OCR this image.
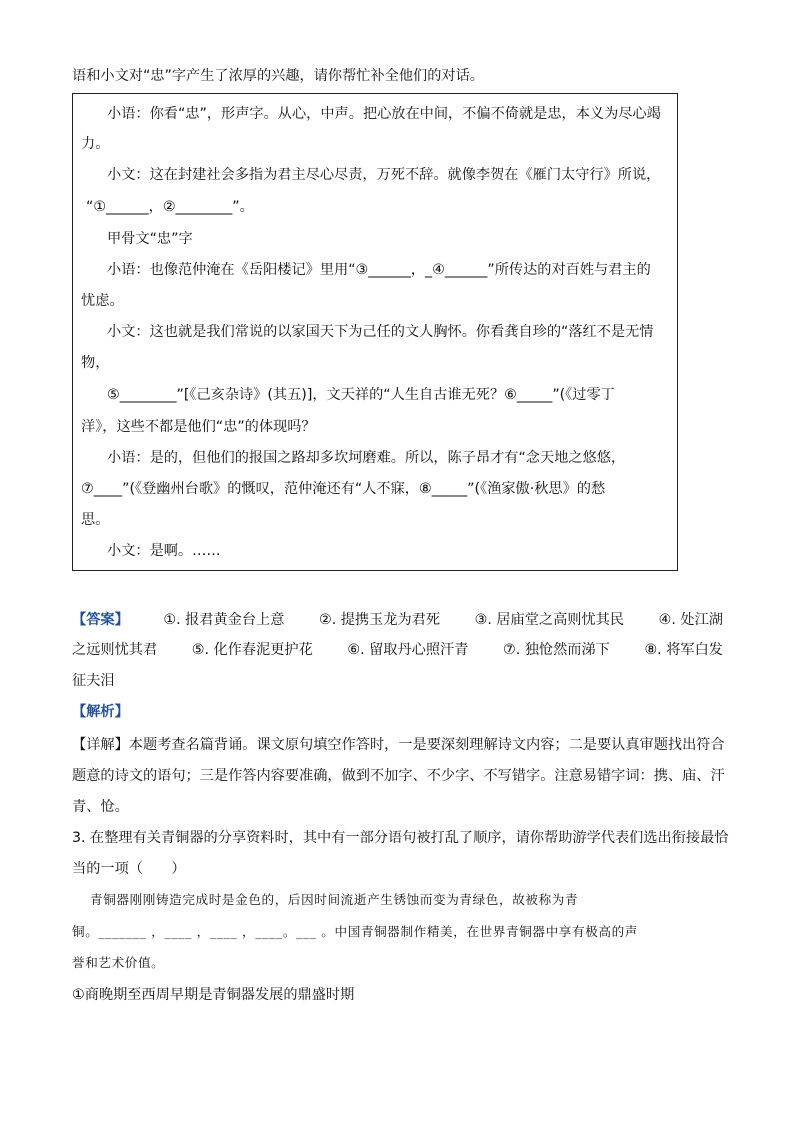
语和小文对“忠”字产生了浓厚的兴趣，请你帮忙补全他们的对话。
小语：你看“忠”，形声字。从心，中声。把心放在中间，不偏不倚就是忠，本义为尽心竭
力。
小文：这在封建社会多指为君主尽心尽责，万死不辞。就像李贺在《雁门太守行》所说，
“①______，②________”。
甲骨文“忠”字
小语：也像范仲淹在《岳阳楼记》里用“③______，_④______”所传达的对百姓与君主的
忧虑。
小文：这也就是我们常说的以家国天下为己任的文人胸怀。你看龚自珍的“落红不是无情
物，
⑤________”[《己亥杂诗》(其五)]，文天祥的“人生自古谁无死？⑥_____”(《过零丁
洋》，这些不都是他们“忠”的体现吗？
小语：是的，但他们的报国之路却多坎坷磨难。所以，陈子昂才有“念天地之悠悠，
⑦____”(《登幽州台歌》的慨叹，范仲淹还有“人不寐，⑧_____”(《渔家傲·秋思》的愁
思。
小文：是啊。……
【答案】 ①. 报君黄金台上意 ②. 提携玉龙为君死 ③. 居庙堂之高则忧其民 ④. 处江湖
之远则忧其君 ⑤. 化作春泥更护花 ⑥. 留取丹心照汗青 ⑦. 独怆然而涕下 ⑧. 将军白发
征夫泪
【解析】
【详解】本题考查名篇背诵。课文原句填空作答时，一是要深刻理解诗文内容；二是要认真审题找出符合
题意的诗文的语句；三是作答内容要准确，做到不加字、不少字、不写错字。注意易错字词：携、庙、汗
青、怆。
3. 在整理有关青铜器的分享资料时，其中有一部分语句被打乱了顺序，请你帮助游学代表们选出衔接最恰
当的一项（　　）
青铜器刚刚铸造完成时是金色的，后因时间流逝产生锈蚀而变为青绿色，故被称为青
铜。_______ ，____ ，____ ，____。___ 。中国青铜器制作精美，在世界青铜器中享有极高的声
誉和艺术价值。
①商晚期至西周早期是青铜器发展的鼎盛时期
